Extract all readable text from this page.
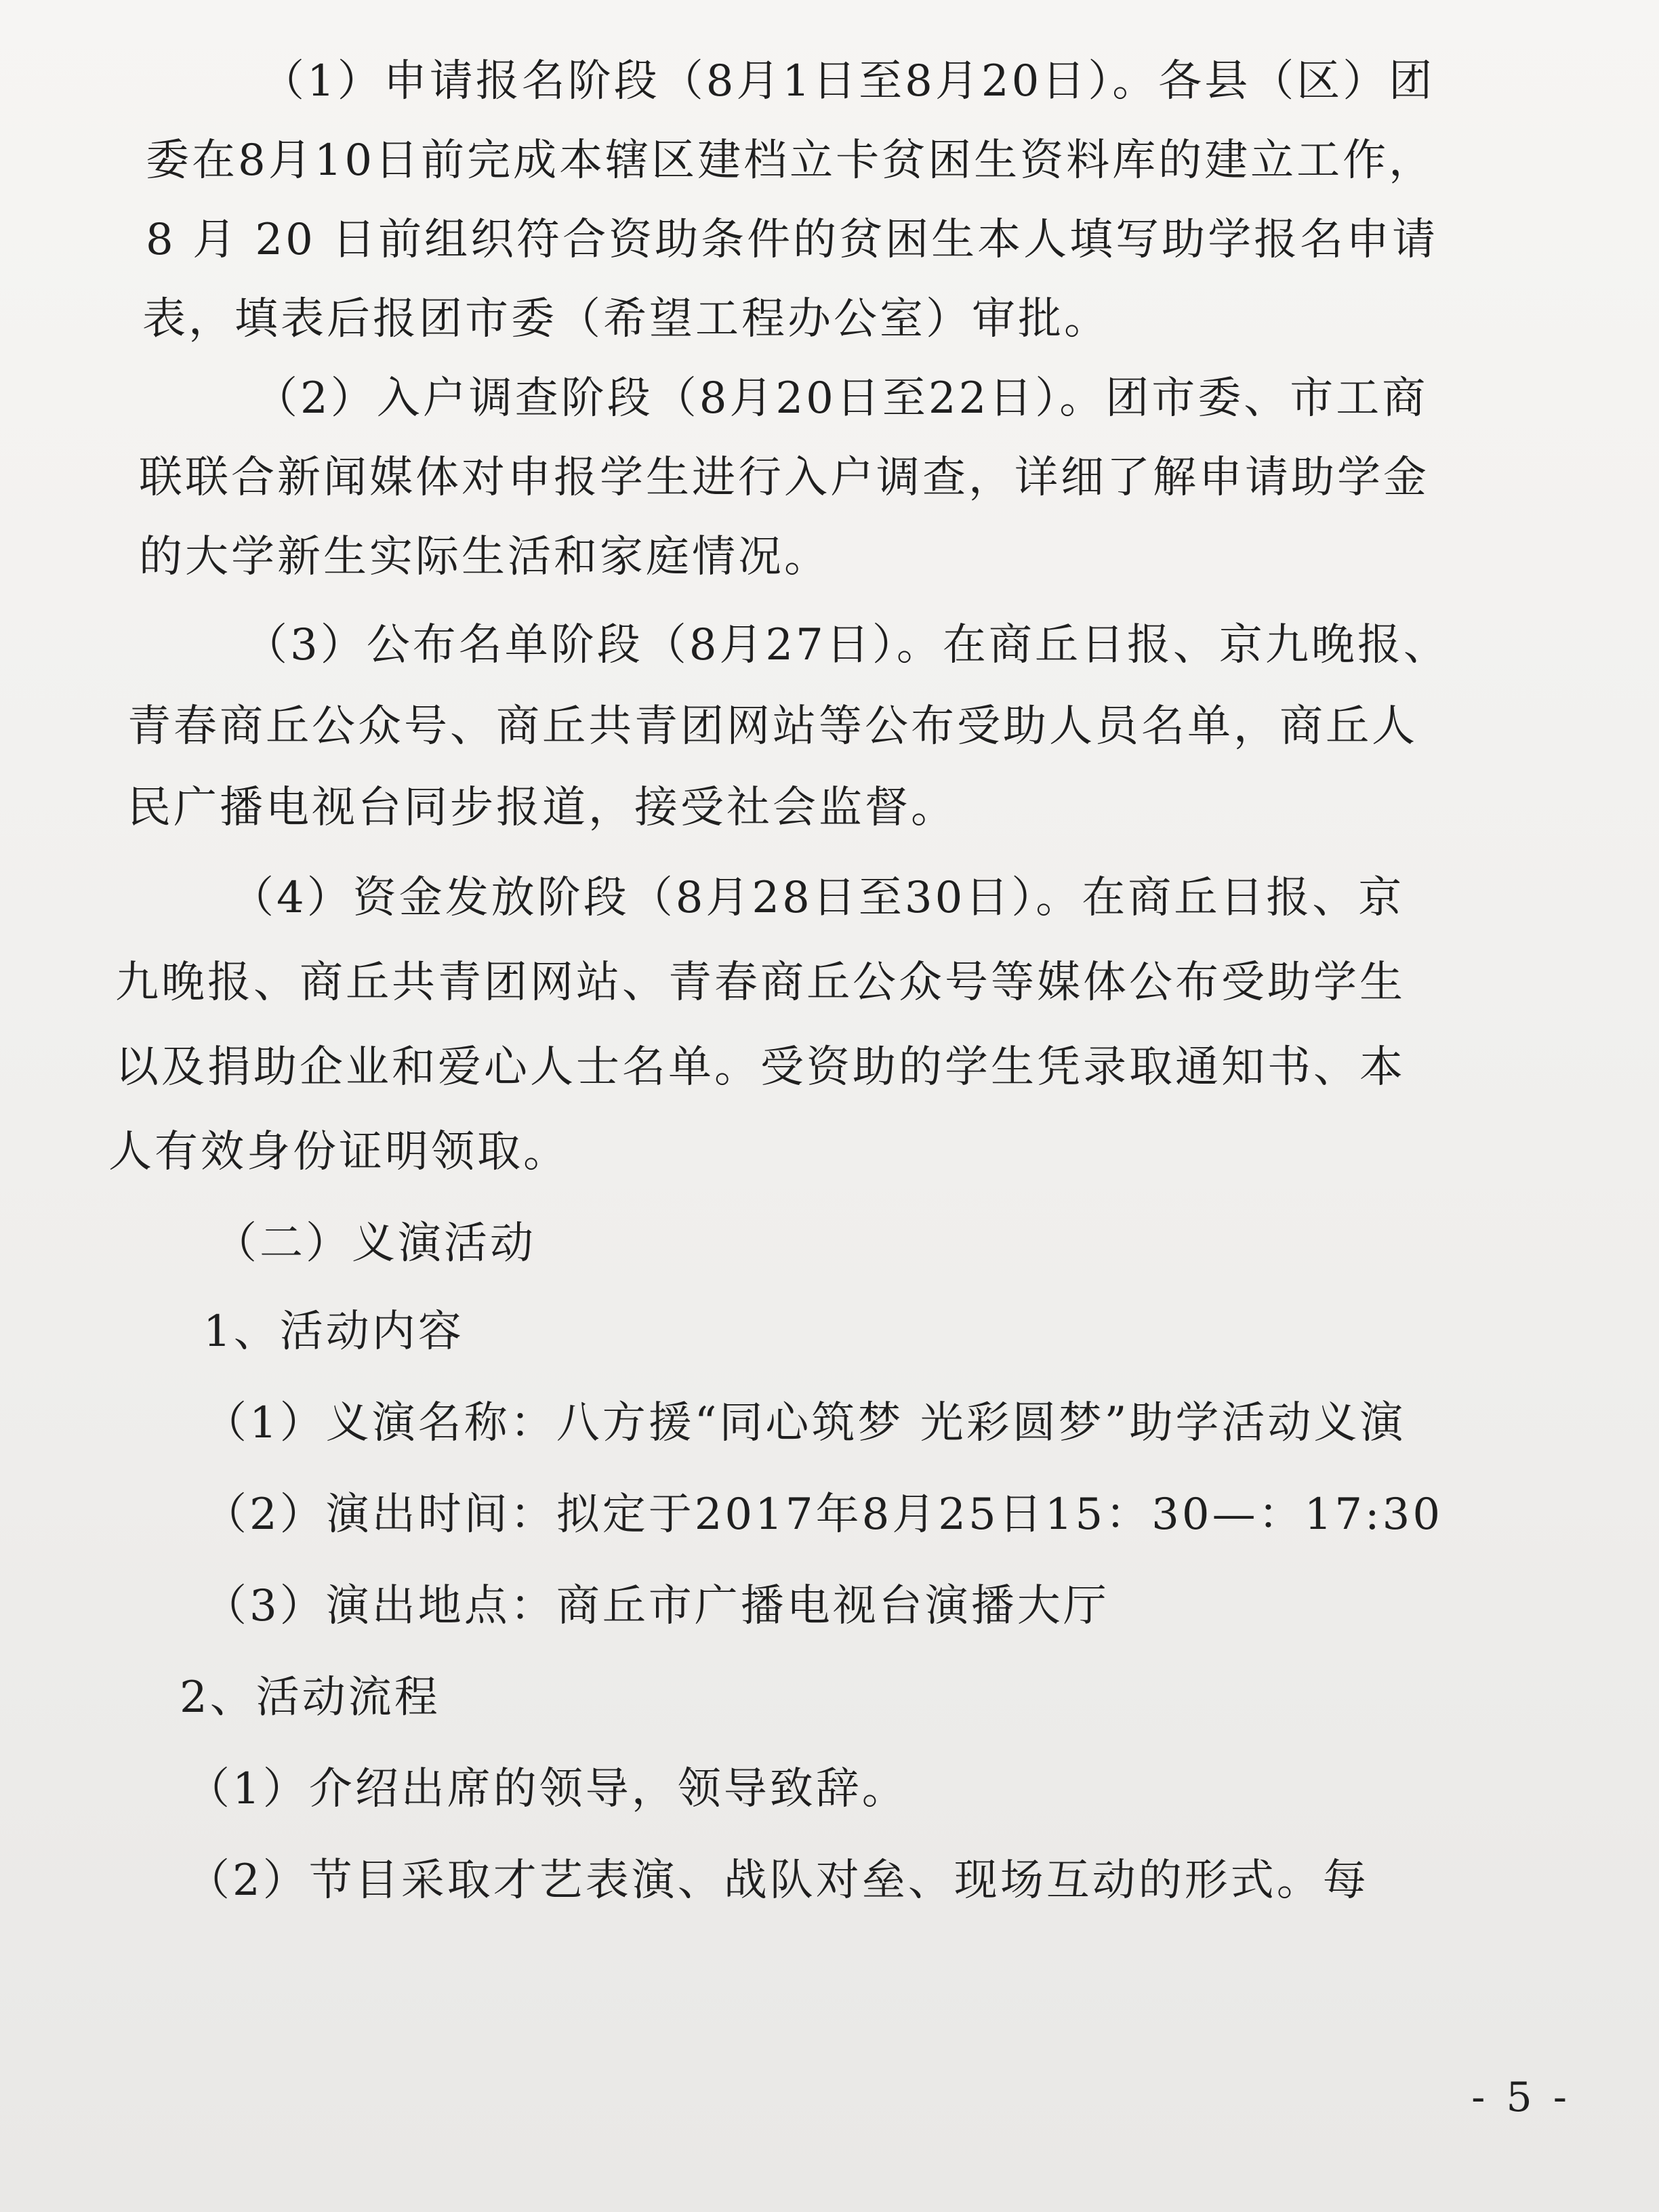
（1）申请报名阶段（8月1日至8月20日）。各县（区）团
委在8月10日前完成本辖区建档立卡贫困生资料库的建立工作，
8 月 20 日前组织符合资助条件的贫困生本人填写助学报名申请
表，填表后报团市委（希望工程办公室）审批。
（2）入户调查阶段（8月20日至22日）。团市委、市工商
联联合新闻媒体对申报学生进行入户调查，详细了解申请助学金
的大学新生实际生活和家庭情况。
（3）公布名单阶段（8月27日）。在商丘日报、京九晚报、
青春商丘公众号、商丘共青团网站等公布受助人员名单，商丘人
民广播电视台同步报道，接受社会监督。
（4）资金发放阶段（8月28日至30日）。在商丘日报、京
九晚报、商丘共青团网站、青春商丘公众号等媒体公布受助学生
以及捐助企业和爱心人士名单。受资助的学生凭录取通知书、本
人有效身份证明领取。
（二）义演活动
1、活动内容
（1）义演名称：八方援“同心筑梦 光彩圆梦”助学活动义演
（2）演出时间：拟定于2017年8月25日15：30—：17:30
（3）演出地点：商丘市广播电视台演播大厅
2、活动流程
（1）介绍出席的领导，领导致辞。
（2）节目采取才艺表演、战队对垒、现场互动的形式。每
- 5 -
